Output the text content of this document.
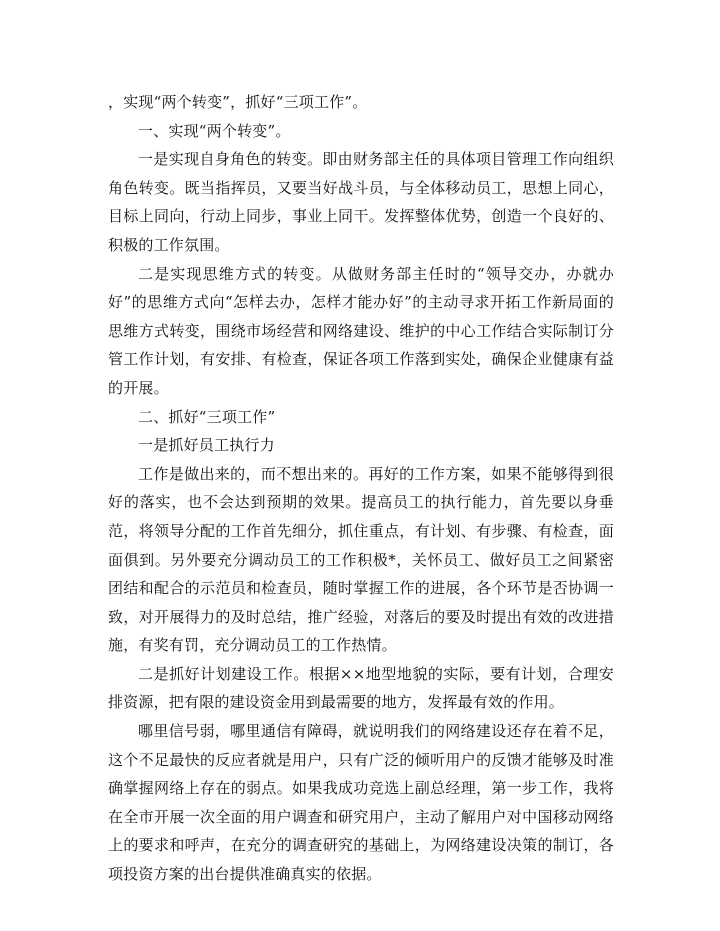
，实现“两个转变”，抓好“三项工作”。

一、实现“两个转变”。

一是实现自身角色的转变。即由财务部主任的具体项目管理工作向组织角色转变。既当指挥员，又要当好战斗员，与全体移动员工，思想上同心，目标上同向，行动上同步，事业上同干。发挥整体优势，创造一个良好的、积极的工作氛围。

二是实现思维方式的转变。从做财务部主任时的“领导交办，办就办好”的思维方式向“怎样去办，怎样才能办好”的主动寻求开拓工作新局面的思维方式转变，围绕市场经营和网络建设、维护的中心工作结合实际制订分管工作计划，有安排、有检查，保证各项工作落到实处，确保企业健康有益的开展。

二、抓好“三项工作”

一是抓好员工执行力

工作是做出来的，而不想出来的。再好的工作方案，如果不能够得到很好的落实，也不会达到预期的效果。提高员工的执行能力，首先要以身垂范，将领导分配的工作首先细分，抓住重点，有计划、有步骤、有检查，面面俱到。另外要充分调动员工的工作积极*，关怀员工、做好员工之间紧密团结和配合的示范员和检查员，随时掌握工作的进展，各个环节是否协调一致，对开展得力的及时总结，推广经验，对落后的要及时提出有效的改进措施，有奖有罚，充分调动员工的工作热情。

二是抓好计划建设工作。根据××地型地貌的实际，要有计划，合理安排资源，把有限的建设资金用到最需要的地方，发挥最有效的作用。

哪里信号弱，哪里通信有障碍，就说明我们的网络建设还存在着不足，这个不足最快的反应者就是用户，只有广泛的倾听用户的反馈才能够及时准确掌握网络上存在的弱点。如果我成功竞选上副总经理，第一步工作，我将在全市开展一次全面的用户调查和研究用户，主动了解用户对中国移动网络上的要求和呼声，在充分的调查研究的基础上，为网络建设决策的制订，各项投资方案的出台提供准确真实的依据。
